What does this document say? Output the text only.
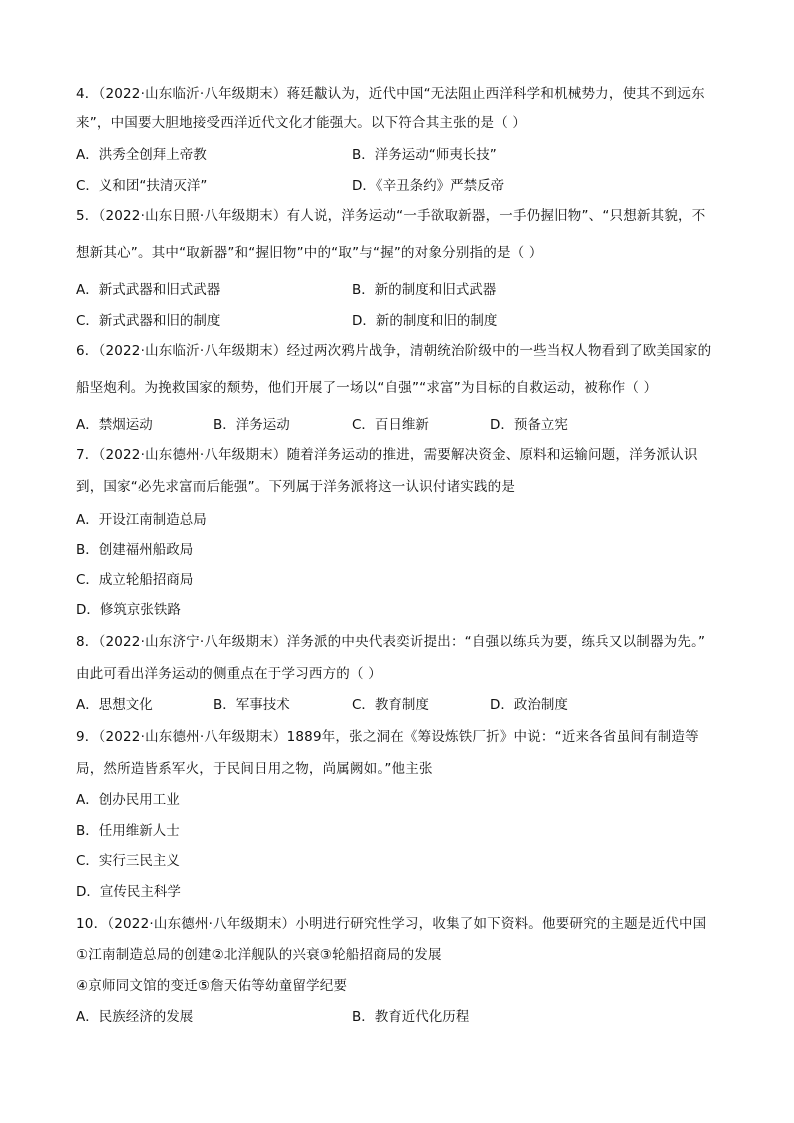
4．（2022·山东临沂·八年级期末）蒋廷黻认为，近代中国“无法阻止西洋科学和机械势力，使其不到远东
来”，中国要大胆地接受西洋近代文化才能强大。以下符合其主张的是（ ）
A．洪秀全创拜上帝教	B．洋务运动“师夷长技”
C．义和团“扶清灭洋”	D．《辛丑条约》严禁反帝
5．（2022·山东日照·八年级期末）有人说，洋务运动“一手欲取新器，一手仍握旧物”、“只想新其貌，不
想新其心”。其中“取新器”和“握旧物”中的“取”与“握”的对象分别指的是（ ）
A．新式武器和旧式武器	B．新的制度和旧式武器
C．新式武器和旧的制度	D．新的制度和旧的制度
6．（2022·山东临沂·八年级期末）经过两次鸦片战争，清朝统治阶级中的一些当权人物看到了欧美国家的
船坚炮利。为挽救国家的颓势，他们开展了一场以“自强”“求富”为目标的自救运动，被称作（ ）
A．禁烟运动	B．洋务运动	C．百日维新	D．预备立宪
7．（2022·山东德州·八年级期末）随着洋务运动的推进，需要解决资金、原料和运输问题，洋务派认识
到，国家“必先求富而后能强”。下列属于洋务派将这一认识付诸实践的是
A．开设江南制造总局
B．创建福州船政局
C．成立轮船招商局
D．修筑京张铁路
8．（2022·山东济宁·八年级期末）洋务派的中央代表奕䜣提出：“自强以练兵为要，练兵又以制器为先。”
由此可看出洋务运动的侧重点在于学习西方的（ ）
A．思想文化	B．军事技术	C．教育制度	D．政治制度
9．（2022·山东德州·八年级期末）1889年，张之洞在《筹设炼铁厂折》中说：“近来各省虽间有制造等
局，然所造皆系军火，于民间日用之物，尚属阙如。”他主张
A．创办民用工业
B．任用维新人士
C．实行三民主义
D．宣传民主科学
10．（2022·山东德州·八年级期末）小明进行研究性学习，收集了如下资料。他要研究的主题是近代中国
①江南制造总局的创建②北洋舰队的兴衰③轮船招商局的发展
④京师同文馆的变迁⑤詹天佑等幼童留学纪要
A．民族经济的发展	B．教育近代化历程
